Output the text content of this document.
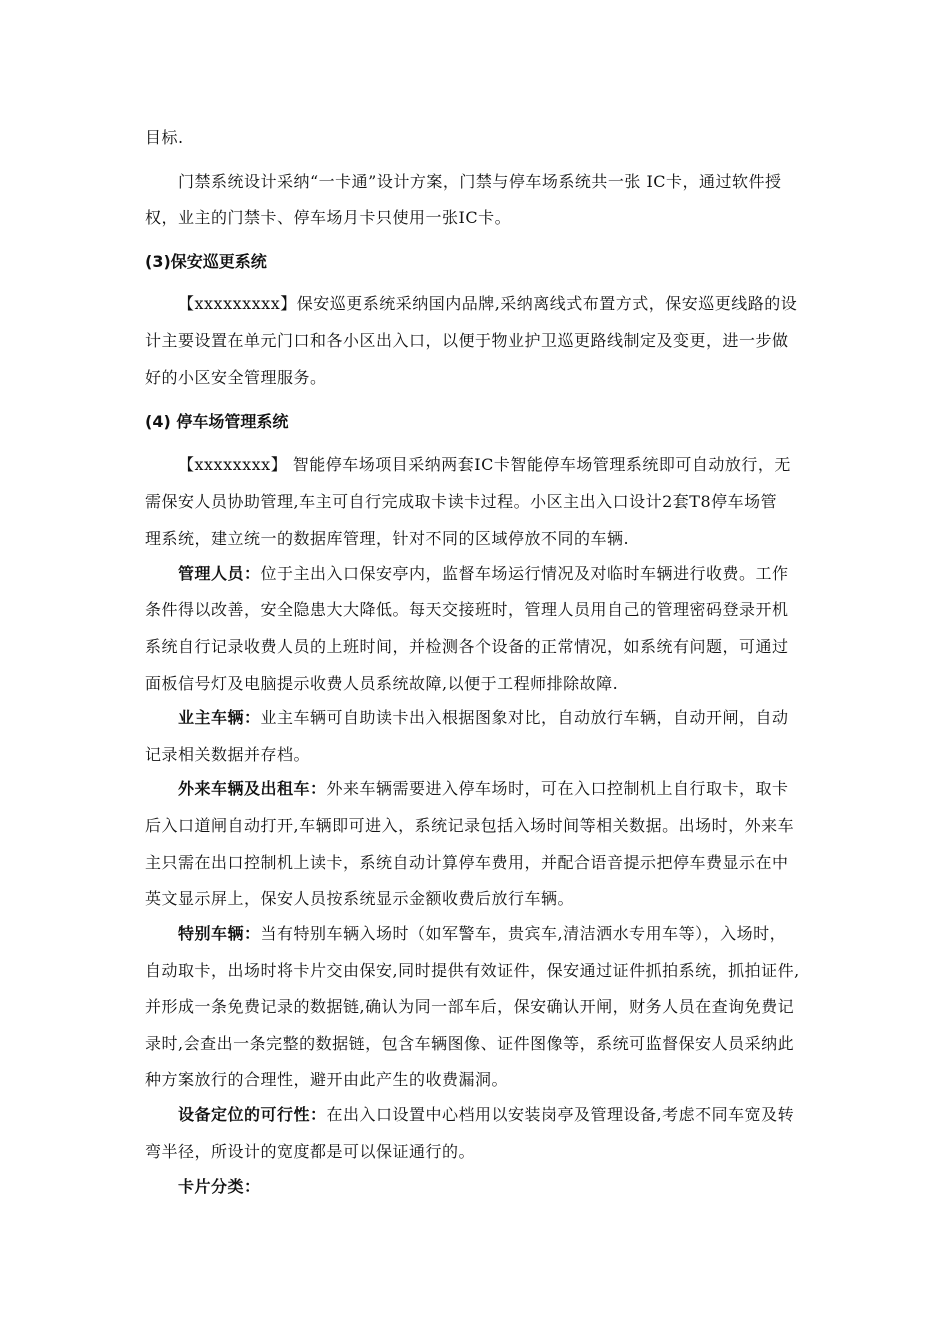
目标.
门禁系统设计采纳“一卡通”设计方案，门禁与停车场系统共一张 IC卡，通过软件授
权，业主的门禁卡、停车场月卡只使用一张IC卡。
(3)保安巡更系统
【xxxxxxxxx】保安巡更系统采纳国内品牌,采纳离线式布置方式，保安巡更线路的设
计主要设置在单元门口和各小区出入口，以便于物业护卫巡更路线制定及变更，进一步做
好的小区安全管理服务。
(4) 停车场管理系统
【xxxxxxxx】 智能停车场项目采纳两套IC卡智能停车场管理系统即可自动放行，无
需保安人员协助管理,车主可自行完成取卡读卡过程。小区主出入口设计2套T8停车场管
理系统，建立统一的数据库管理，针对不同的区域停放不同的车辆.
管理人员：位于主出入口保安亭内，监督车场运行情况及对临时车辆进行收费。工作
条件得以改善，安全隐患大大降低。每天交接班时，管理人员用自己的管理密码登录开机
系统自行记录收费人员的上班时间，并检测各个设备的正常情况，如系统有问题，可通过
面板信号灯及电脑提示收费人员系统故障,以便于工程师排除故障.
业主车辆：业主车辆可自助读卡出入根据图象对比，自动放行车辆，自动开闸，自动
记录相关数据并存档。
外来车辆及出租车：外来车辆需要进入停车场时，可在入口控制机上自行取卡，取卡
后入口道闸自动打开,车辆即可进入，系统记录包括入场时间等相关数据。出场时，外来车
主只需在出口控制机上读卡，系统自动计算停车费用，并配合语音提示把停车费显示在中
英文显示屏上，保安人员按系统显示金额收费后放行车辆。
特别车辆：当有特别车辆入场时（如军警车，贵宾车,清洁洒水专用车等），入场时，
自动取卡，出场时将卡片交由保安,同时提供有效证件，保安通过证件抓拍系统，抓拍证件,
并形成一条免费记录的数据链,确认为同一部车后，保安确认开闸，财务人员在查询免费记
录时,会查出一条完整的数据链，包含车辆图像、证件图像等，系统可监督保安人员采纳此
种方案放行的合理性，避开由此产生的收费漏洞。
设备定位的可行性：在出入口设置中心档用以安装岗亭及管理设备,考虑不同车宽及转
弯半径，所设计的宽度都是可以保证通行的。
卡片分类：
